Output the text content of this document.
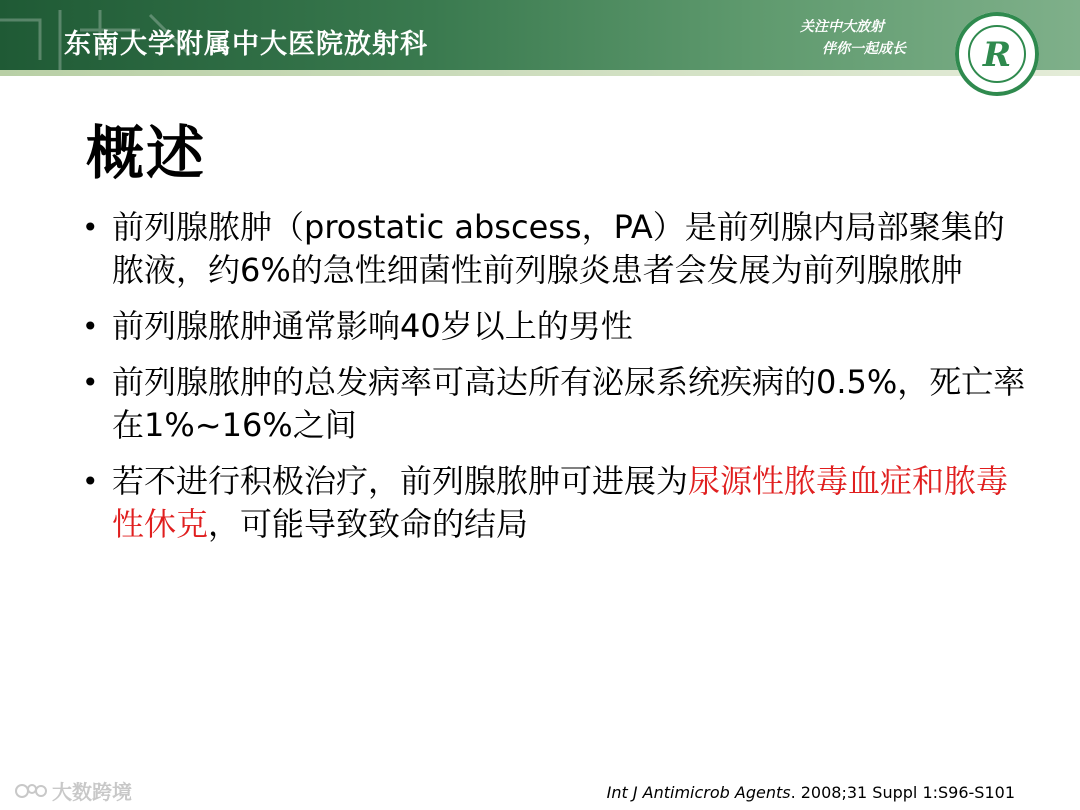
东南大学附属中大医院放射科
关注中大放射
伴你一起成长 R
概述
• 前列腺脓肿（prostatic abscess，PA）是前列腺内局部聚集的脓液，约6%的急性细菌性前列腺炎患者会发展为前列腺脓肿
• 前列腺脓肿通常影响40岁以上的男性
• 前列腺脓肿的总发病率可高达所有泌尿系统疾病的0.5%，死亡率在1%~16%之间
• 若不进行积极治疗，前列腺脓肿可进展为尿源性脓毒血症和脓毒性休克，可能导致致命的结局
大数跨境	Int J Antimicrob Agents. 2008;31 Suppl 1:S96-S101
